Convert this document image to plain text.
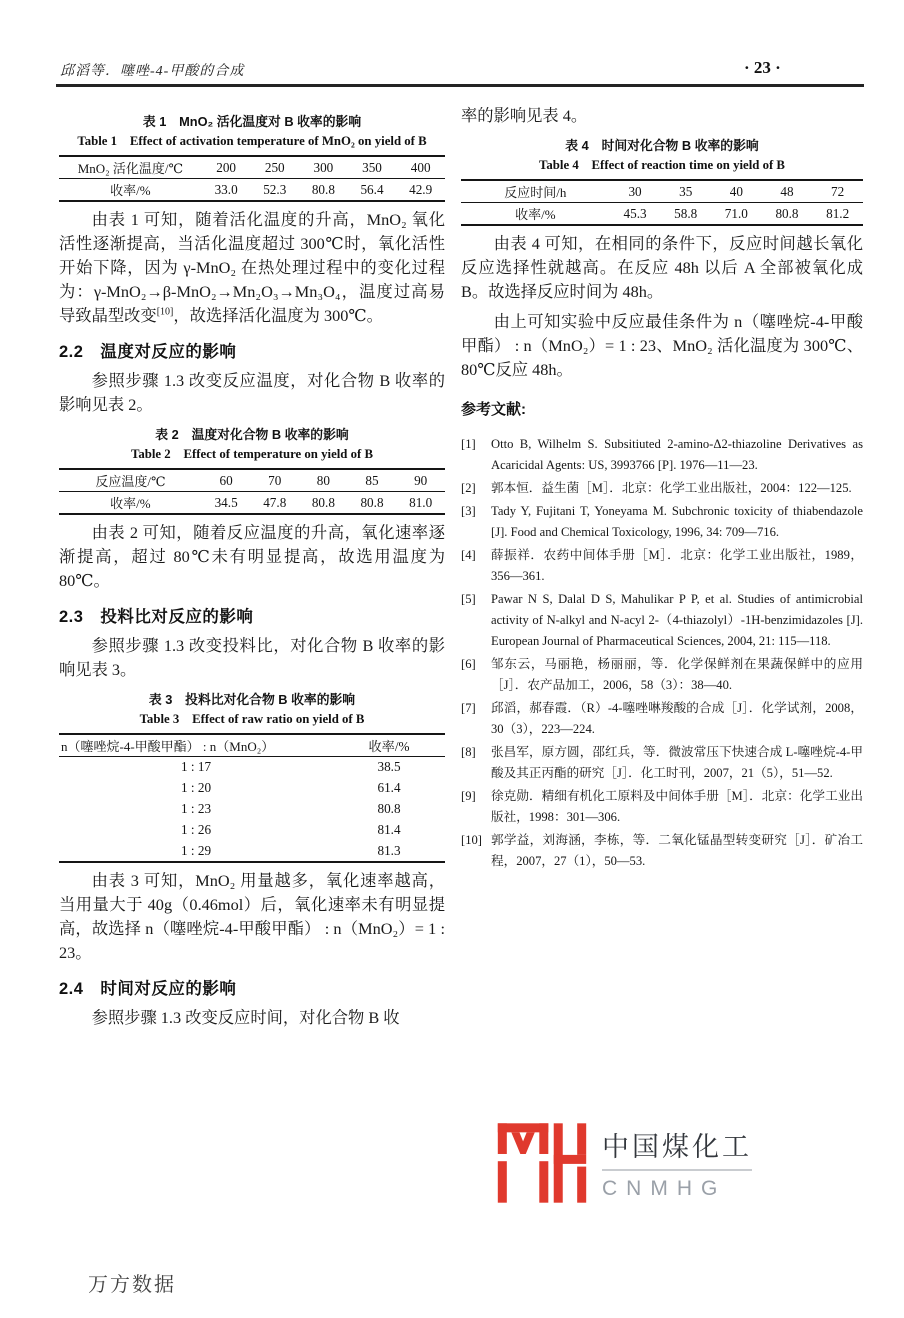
邱滔等．噻唑-4-甲酸的合成	· 23 ·
表 1　MnO₂ 活化温度对 B 收率的影响
Table 1　Effect of activation temperature of MnO₂ on yield of B
MnO₂ 活化温度/℃	200	250	300	350	400
收率/%	33.0	52.3	80.8	56.4	42.9

由表 1 可知，随着活化温度的升高，MnO₂ 氧化活性逐渐提高，当活化温度超过 300℃时，氧化活性开始下降，因为 γ-MnO₂ 在热处理过程中的变化过程为：γ-MnO₂→β-MnO₂→Mn₂O₃→Mn₃O₄，温度过高易导致晶型改变[10]，故选择活化温度为 300℃。

2.2　温度对反应的影响

参照步骤 1.3 改变反应温度，对化合物 B 收率的影响见表 2。

表 2　温度对化合物 B 收率的影响
Table 2　Effect of temperature on yield of B
反应温度/℃	60	70	80	85	90
收率/%	34.5	47.8	80.8	80.8	81.0

由表 2 可知，随着反应温度的升高，氧化速率逐渐提高，超过 80℃未有明显提高，故选用温度为 80℃。

2.3　投料比对反应的影响

参照步骤 1.3 改变投料比，对化合物 B 收率的影响见表 3。

表 3　投料比对化合物 B 收率的影响
Table 3　Effect of raw ratio on yield of B
n（噻唑烷-4-甲酸甲酯） : n（MnO₂）	收率/%
1 : 17	38.5
1 : 20	61.4
1 : 23	80.8
1 : 26	81.4
1 : 29	81.3

由表 3 可知，MnO₂ 用量越多，氧化速率越高，当用量大于 40g（0.46mol）后，氧化速率未有明显提高，故选择 n（噻唑烷-4-甲酸甲酯） : n（MnO₂）= 1 : 23。

2.4　时间对反应的影响

参照步骤 1.3 改变反应时间，对化合物 B 收

率的影响见表 4。

表 4　时间对化合物 B 收率的影响
Table 4　Effect of reaction time on yield of B
反应时间/h	30	35	40	48	72
收率/%	45.3	58.8	71.0	80.8	81.2

由表 4 可知，在相同的条件下，反应时间越长氧化反应选择性就越高。在反应 48h 以后 A 全部被氧化成 B。故选择反应时间为 48h。

由上可知实验中反应最佳条件为 n（噻唑烷-4-甲酸甲酯） : n（MnO₂）= 1 : 23、MnO₂ 活化温度为 300℃、80℃反应 48h。

参考文献:
[1]	Otto B, Wilhelm S. Subsitiuted 2-amino-Δ2-thiazoline Derivatives as Acaricidal Agents: US, 3993766 [P]. 1976—11—23.
[2]	郭本恒．益生菌［M］．北京：化学工业出版社，2004：122—125.
[3]	Tady Y, Fujitani T, Yoneyama M. Subchronic toxicity of thiabendazole [J]. Food and Chemical Toxicology, 1996, 34: 709—716.
[4]	薛振祥．农药中间体手册［M］．北京：化学工业出版社，1989，356—361.
[5]	Pawar N S, Dalal D S, Mahulikar P P, et al. Studies of antimicrobial activity of N-alkyl and N-acyl 2-（4-thiazolyl）-1H-benzimidazoles [J]. European Journal of Pharmaceutical Sciences, 2004, 21: 115—118.
[6]	邹东云，马丽艳，杨丽丽，等．化学保鲜剂在果蔬保鲜中的应用［J］．农产品加工，2006，58（3）：38—40.
[7]	邱滔，郝春霞．（R）-4-噻唑啉羧酸的合成［J］．化学试剂，2008，30（3），223—224.
[8]	张昌军，原方圆，邵红兵，等．微波常压下快速合成 L-噻唑烷-4-甲酸及其正丙酯的研究［J］．化工时刊，2007，21（5），51—52.
[9]	徐克勋．精细有机化工原料及中间体手册［M］．北京：化学工业出版社，1998：301—306.
[10] 郭学益，刘海涵，李栋，等．二氧化锰晶型转变研究［J］．矿冶工程，2007，27（1），50—53.
中国煤化工
CNMHG
万方数据
